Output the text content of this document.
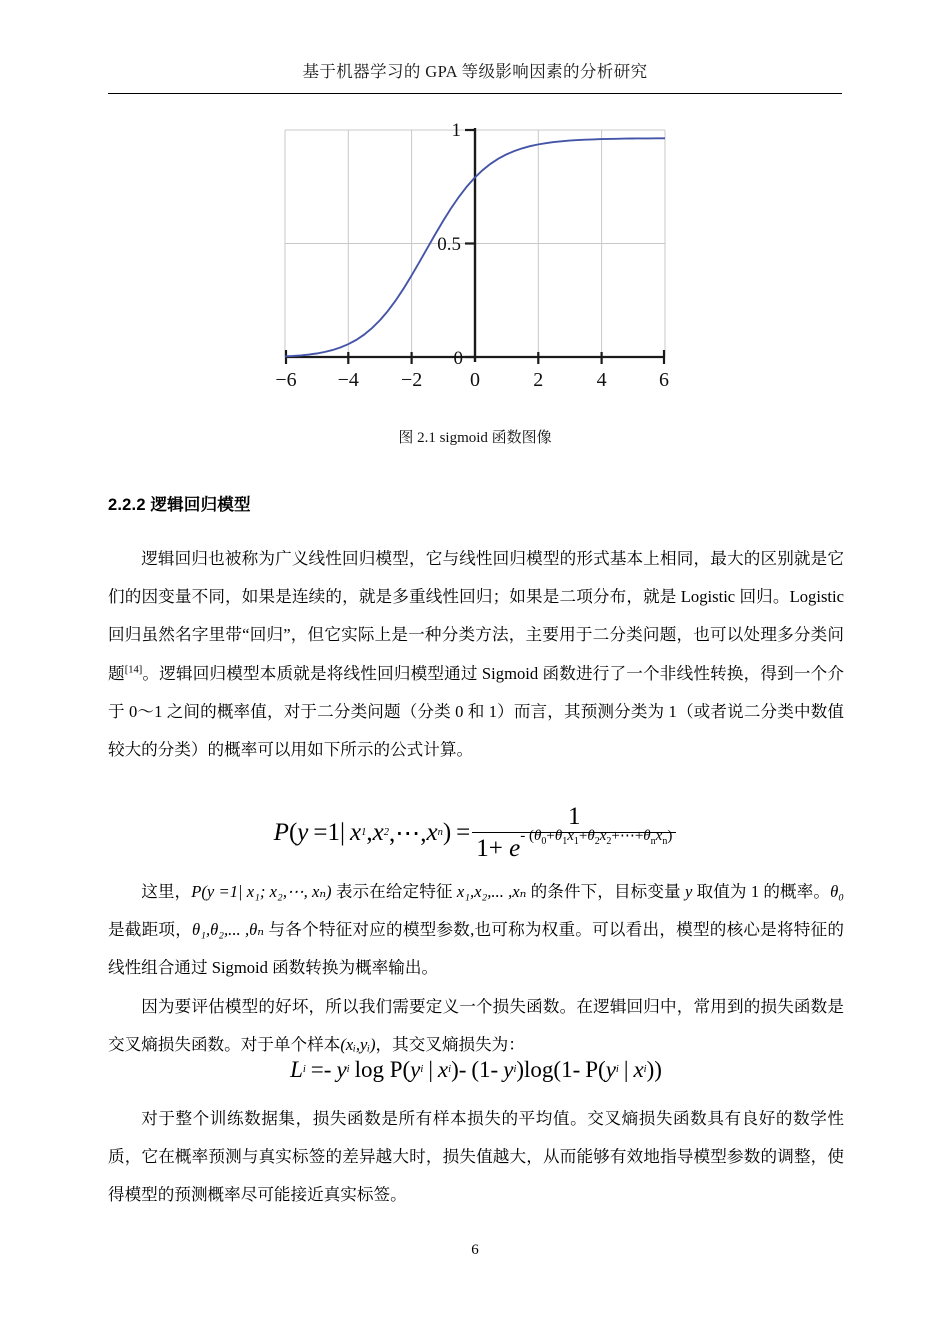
基于机器学习的 GPA 等级影响因素的分析研究
1
0.5
0
−6 −4 −2 0	2	4	6
图 2.1 sigmoid 函数图像
2.2.2 逻辑回归模型

逻辑回归也被称为广义线性回归模型，它与线性回归模型的形式基本上相同，最大的区别就是它们的因变量不同，如果是连续的，就是多重线性回归；如果是二项分布，就是 Logistic 回归。Logistic 回归虽然名字里带“回归”，但它实际上是一种分类方法，主要用于二分类问题，也可以处理多分类问题[14]。逻辑回归模型本质就是将线性回归模型通过 Sigmoid 函数进行了一个非线性转换，得到一个介于 0～1 之间的概率值，对于二分类问题（分类 0 和 1）而言，其预测分类为 1（或者说二分类中数值较大的分类）的概率可以用如下所示的公式计算。

P ( y =1| x 1 , x 2 ,⋯, x n ) = $\frac{1}{1+ e^{- (\theta_0+\theta_1x_1+\theta_2x_2+\cdots+\theta_nx_n)}}$

这里，P(y =1| x₁; x₂,⋯, xₙ) 表示在给定特征 x₁,x₂,... ,xₙ 的条件下，目标变量 y 取值为 1 的概率。θ₀ 是截距项，θ₁,θ₂,... ,θₙ 与各个特征对应的模型参数,也可称为权重。可以看出，模型的核心是将特征的线性组合通过 Sigmoid 函数转换为概率输出。

因为要评估模型的好坏，所以我们需要定义一个损失函数。在逻辑回归中，常用到的损失函数是交叉熵损失函数。对于单个样本(xᵢ,yᵢ)，其交叉熵损失为：

L i =- y i log P( y i | x i )- (1- y i ) log(1- P( y i | x i ))

对于整个训练数据集，损失函数是所有样本损失的平均值。交叉熵损失函数具有良好的数学性质，它在概率预测与真实标签的差异越大时，损失值越大，从而能够有效地指导模型参数的调整，使得模型的预测概率尽可能接近真实标签。

6
